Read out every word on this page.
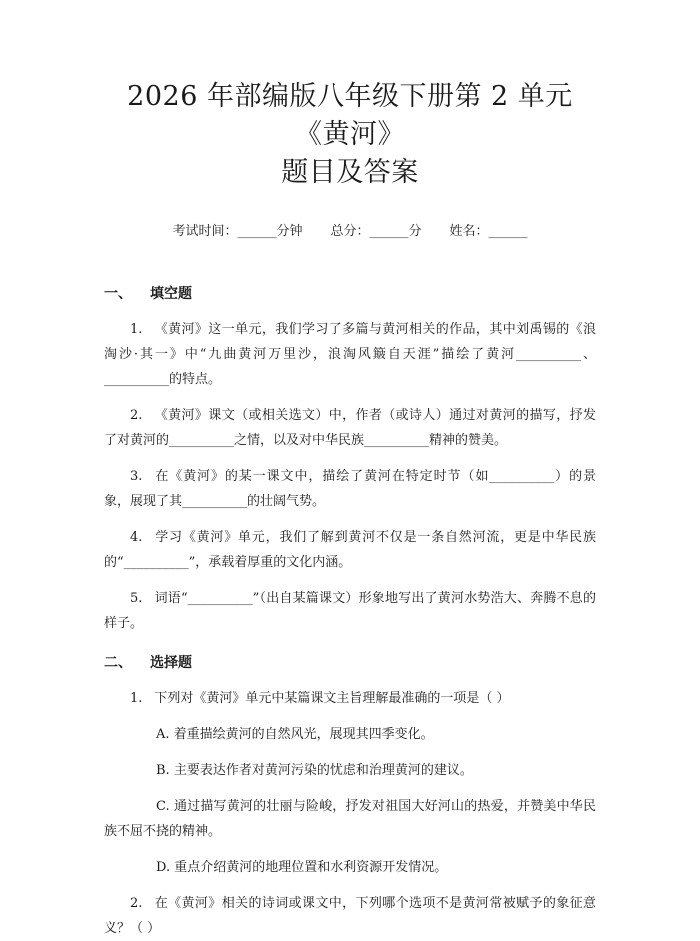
2026 年部编版八年级下册第 2 单元《黄河》
题目及答案
考试时间：______分钟 总分：______分 姓名：______
一、 填空题

1. 《黄河》这一单元，我们学习了多篇与黄河相关的作品，其中刘禹锡的《浪淘沙·其一》中“九曲黄河万里沙，浪淘风簸自天涯”描绘了黄河__________、__________的特点。

2. 《黄河》课文（或相关选文）中，作者（或诗人）通过对黄河的描写，抒发了对黄河的__________之情，以及对中华民族__________精神的赞美。

3. 在《黄河》的某一课文中，描绘了黄河在特定时节（如__________）的景象，展现了其__________的壮阔气势。

4. 学习《黄河》单元，我们了解到黄河不仅是一条自然河流，更是中华民族的“__________”，承载着厚重的文化内涵。

5. 词语“__________”（出自某篇课文）形象地写出了黄河水势浩大、奔腾不息的样子。

二、 选择题

1. 下列对《黄河》单元中某篇课文主旨理解最准确的一项是（ ）

A. 着重描绘黄河的自然风光，展现其四季变化。

B. 主要表达作者对黄河污染的忧虑和治理黄河的建议。

C. 通过描写黄河的壮丽与险峻，抒发对祖国大好河山的热爱，并赞美中华民族不屈不挠的精神。

D. 重点介绍黄河的地理位置和水利资源开发情况。

2. 在《黄河》相关的诗词或课文中，下列哪个选项不是黄河常被赋予的象征意义？（ ）
